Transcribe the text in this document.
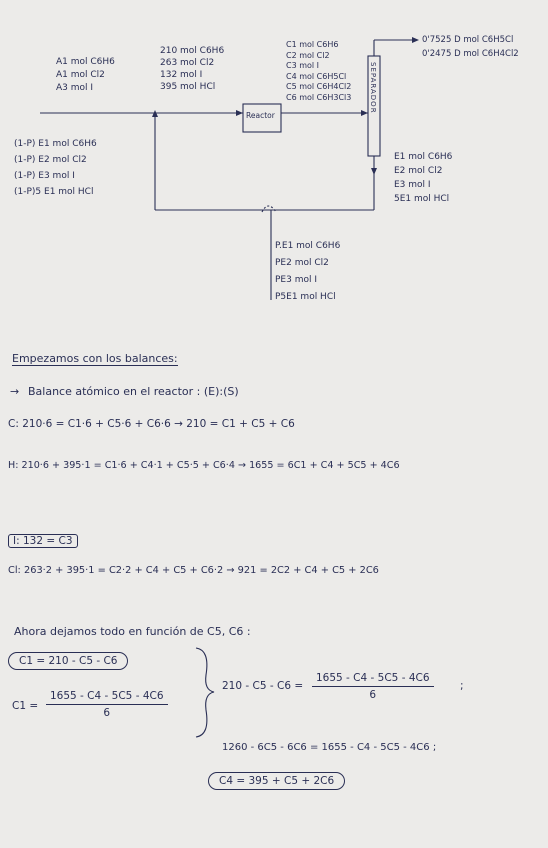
A1 mol C6H6
A1 mol Cl2
A3 mol I
210 mol C6H6
263 mol Cl2
132 mol I
395 mol HCl
Reactor
C1 mol C6H6
C2 mol Cl2
C3 mol I
C4 mol C6H5Cl
C5 mol C6H4Cl2
C6 mol C6H3Cl3
0'7525 D mol C6H5Cl
0'2475 D mol C6H4Cl2
SEPARADOR
(1-P) E1 mol C6H6
(1-P) E2 mol Cl2
(1-P) E3 mol I
(1-P)5 E1 mol HCl
E1 mol C6H6
E2 mol Cl2
E3 mol I
5E1 mol HCl
P.E1 mol C6H6
PE2 mol Cl2
PE3 mol I
P5E1 mol HCl
Empezamos con los balances:
→ Balance atómico en el reactor : (E):(S)
C: 210·6 = C1·6 + C5·6 + C6·6 → 210 = C1 + C5 + C6
H: 210·6 + 395·1 = C1·6 + C4·1 + C5·5 + C6·4 → 1655 = 6C1 + C4 + 5C5 + 4C6
I: 132 = C3
Cl: 263·2 + 395·1 = C2·2 + C4 + C5 + C6·2 → 921 = 2C2 + C4 + C5 + 2C6
Ahora dejamos todo en función de C5, C6 :
C1 = 210 - C5 - C6
$C1 = \frac{1655 - C4 - 5C5 - 4C6}{6}$
$210 - C5 - C6 = \frac{1655 - C4 - 5C5 - 4C6}{6}$	;
1260 - 6C5 - 6C6 = 1655 - C4 - 5C5 - 4C6 ;
C4 = 395 + C5 + 2C6
